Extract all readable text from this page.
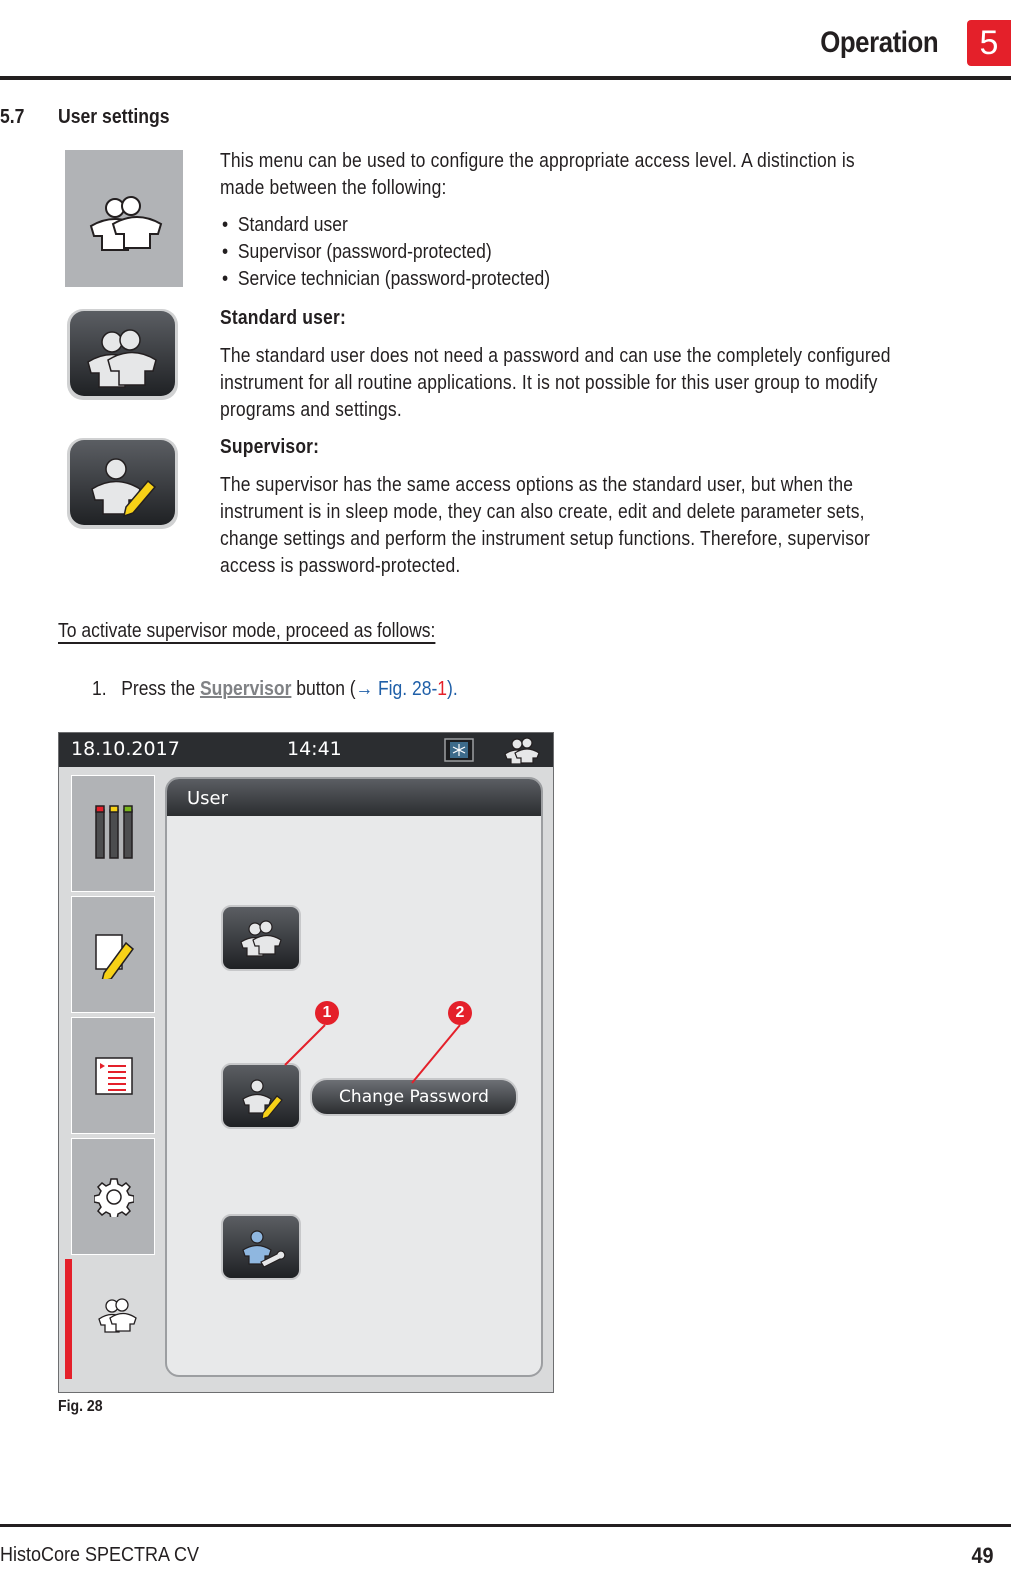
Operation	5
5.7 User settings
This menu can be used to configure the appropriate access level. A distinction is
made between the following:
•  Standard user
•  Supervisor (password-protected)
•  Service technician (password-protected)
Standard user:
The standard user does not need a password and can use the completely configured
instrument for all routine applications. It is not possible for this user group to modify
programs and settings.
Supervisor:
The supervisor has the same access options as the standard user, but when the
instrument is in sleep mode, they can also create, edit and delete parameter sets,
change settings and perform the instrument setup functions. Therefore, supervisor
access is password-protected.
To activate supervisor mode, proceed as follows:
1. Press the Supervisor button (→ Fig. 28-1).
18.10.2017	14:41
User
Change Password
1	2
Fig. 28
HistoCore SPECTRA CV	49
